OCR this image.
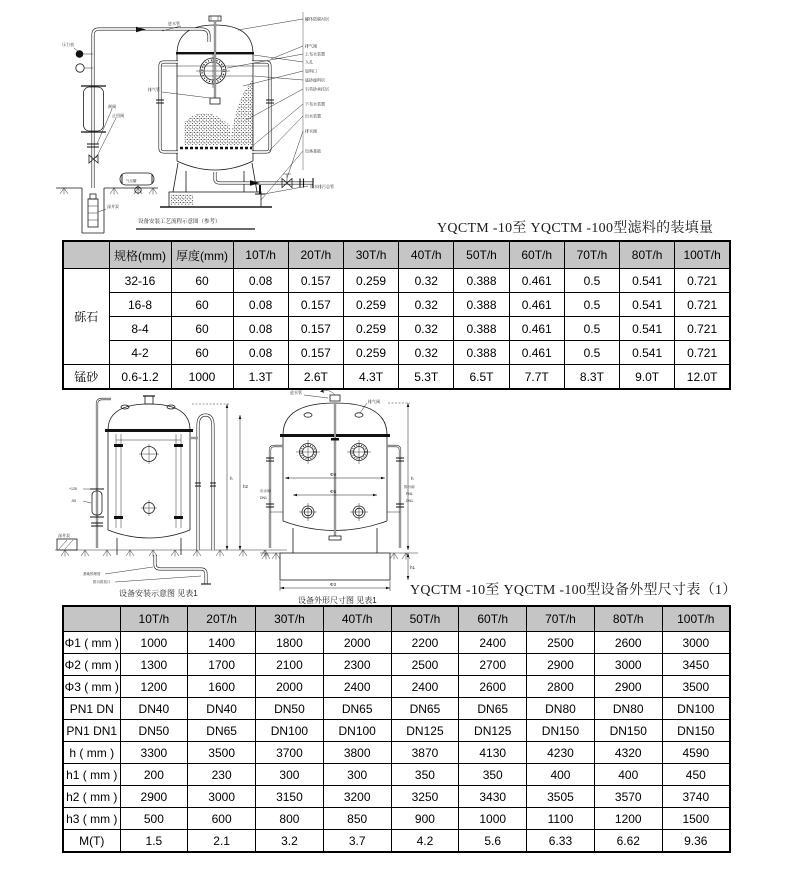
气压罐
罐体防腐衬层
排气阀
上布水装置
人孔
加料口
锰砂滤料层
石英砂承托层
下布水装置
出水装置
排水阀
设备基础
出水排污总管
进水管
压力表
闸阀
止回阀
深井泵
排气管
设备安装工艺流程示意图（参考）	YQCTM -10至 YQCTM -100型滤料的装填量
	规格(mm)	厚度(mm)	10T/h	20T/h	30T/h	40T/h	50T/h	60T/h	70T/h	80T/h	100T/h
砾石	32-16	60	0.08	0.157	0.259	0.32	0.388	0.461	0.5	0.541	0.721
	16-8	60	0.08	0.157	0.259	0.32	0.388	0.461	0.5	0.541	0.721
	8-4	60	0.08	0.157	0.259	0.32	0.388	0.461	0.5	0.541	0.721
	4-2	60	0.08	0.157	0.259	0.32	0.388	0.461	0.5	0.541	0.721
锰砂	0.6-1.2	1000	1.3T	2.6T	4.3T	5.3T	6.5T	7.7T	8.3T	9.0T	12.0T
+125
-50
深井泵
h
h2
基础预埋管
排污排放口
设备安装示意图 见表1
进水管
排气阀
出水阀
DN1
排污阀
PN1
DN1
Φ2
Φ1
h
h1
Φ3
设备外形尺寸图 见表1
YQCTM -10至 YQCTM -100型设备外型尺寸表（1）
	10T/h	20T/h	30T/h	40T/h	50T/h	60T/h	70T/h	80T/h	100T/h
Φ1 ( mm )	1000	1400	1800	2000	2200	2400	2500	2600	3000
Φ2 ( mm )	1300	1700	2100	2300	2500	2700	2900	3000	3450
Φ3 ( mm )	1200	1600	2000	2400	2400	2600	2800	2900	3500
PN1 DN	DN40	DN40	DN50	DN65	DN65	DN65	DN80	DN80	DN100
PN1 DN1	DN50	DN65	DN100	DN100	DN125	DN125	DN150	DN150	DN150
h ( mm )	3300	3500	3700	3800	3870	4130	4230	4320	4590
h1 ( mm )	200	230	300	300	350	350	400	400	450
h2 ( mm )	2900	3000	3150	3200	3250	3430	3505	3570	3740
h3 ( mm )	500	600	800	850	900	1000	1100	1200	1500
M(T)	1.5	2.1	3.2	3.7	4.2	5.6	6.33	6.62	9.36
